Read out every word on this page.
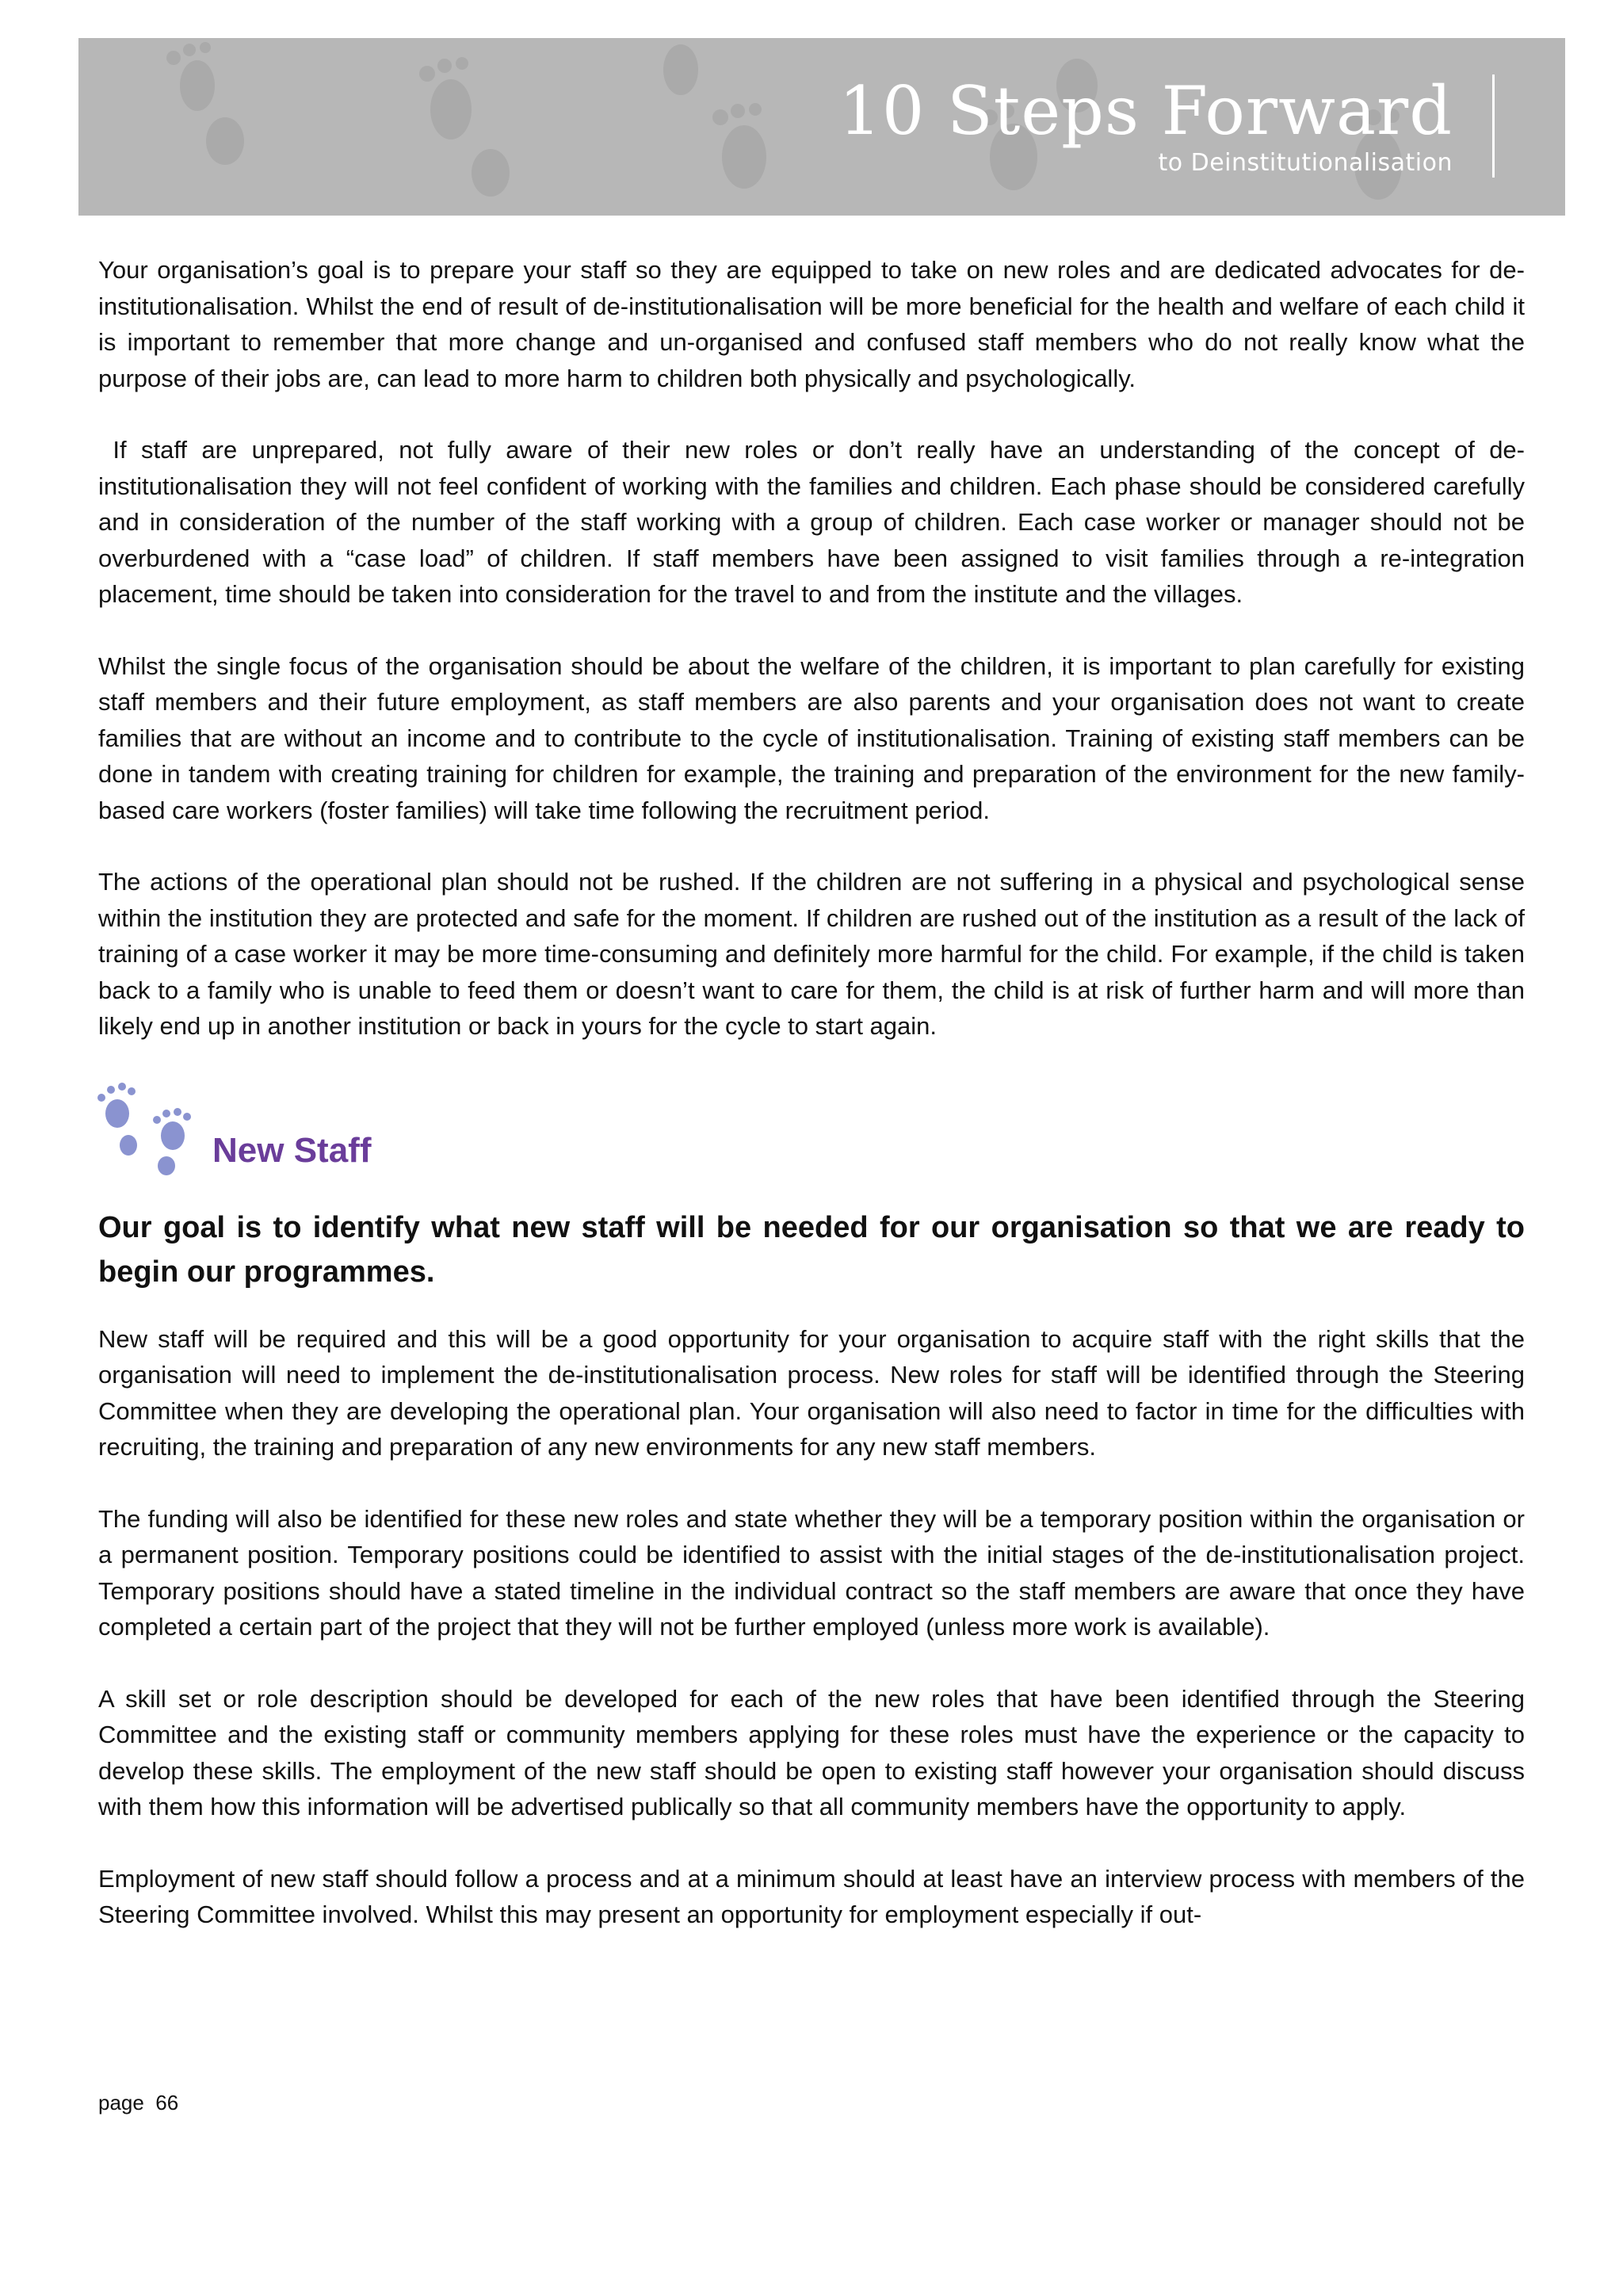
10 Steps Forward
to Deinstitutionalisation

Your organisation’s goal is to prepare your staff so they are equipped to take on new roles and are dedicated advocates for de-institutionalisation. Whilst the end of result of de-institutionalisation will be more beneficial for the health and welfare of each child it is important to remember that more change and un-organised and confused staff members who do not really know what the purpose of their jobs are, can lead to more harm to children both physically and psychologically.

If staff are unprepared, not fully aware of their new roles or don’t really have an understanding of the concept of de-institutionalisation they will not feel confident of working with the families and children. Each phase should be considered carefully and in consideration of the number of the staff working with a group of children. Each case worker or manager should not be overburdened with a “case load” of children. If staff members have been assigned to visit families through a re-integration placement, time should be taken into consideration for the travel to and from the institute and the villages.

Whilst the single focus of the organisation should be about the welfare of the children, it is important to plan carefully for existing staff members and their future employment, as staff members are also parents and your organisation does not want to create families that are without an income and to contribute to the cycle of institutionalisation. Training of existing staff members can be done in tandem with creating training for children for example, the training and preparation of the environment for the new family-based care workers (foster families) will take time following the recruitment period.

The actions of the operational plan should not be rushed. If the children are not suffering in a physical and psychological sense within the institution they are protected and safe for the moment. If children are rushed out of the institution as a result of the lack of training of a case worker it may be more time-consuming and definitely more harmful for the child. For example, if the child is taken back to a family who is unable to feed them or doesn’t want to care for them, the child is at risk of further harm and will more than likely end up in another institution or back in yours for the cycle to start again.

New Staff

Our goal is to identify what new staff will be needed for our organisation so that we are ready to begin our programmes.

New staff will be required and this will be a good opportunity for your organisation to acquire staff with the right skills that the organisation will need to implement the de-institutionalisation process. New roles for staff will be identified through the Steering Committee when they are developing the operational plan. Your organisation will also need to factor in time for the difficulties with recruiting, the training and preparation of any new environments for any new staff members.

The funding will also be identified for these new roles and state whether they will be a temporary position within the organisation or a permanent position. Temporary positions could be identified to assist with the initial stages of the de-institutionalisation project. Temporary positions should have a stated timeline in the individual contract so the staff members are aware that once they have completed a certain part of the project that they will not be further employed (unless more work is available).

A skill set or role description should be developed for each of the new roles that have been identified through the Steering Committee and the existing staff or community members applying for these roles must have the experience or the capacity to develop these skills. The employment of the new staff should be open to existing staff however your organisation should discuss with them how this information will be advertised publically so that all community members have the opportunity to apply.

Employment of new staff should follow a process and at a minimum should at least have an interview process with members of the Steering Committee involved. Whilst this may present an opportunity for employment especially if out-

page  66
